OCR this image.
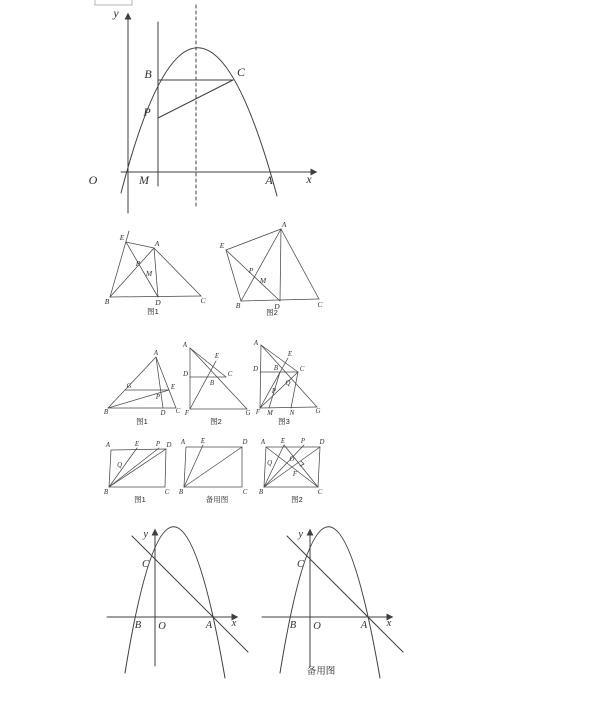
y
x
O	M	A
B	C
P
E
A
P
M
B	D	C
图1
A
E
P
M
B	D	C
图2
A
G	E
P
B	D C
图1
A
D	C
E
B
F	G
图2
A
D
E
C
B
Q
P
F M N	G
图3
A	E P D
Q
B	C
图1
A E	D
B	C
备用图
A E P D
Q
O
F
B	C
图2
y
x
C
B O	A
y
x
C
B O	A
备用图
